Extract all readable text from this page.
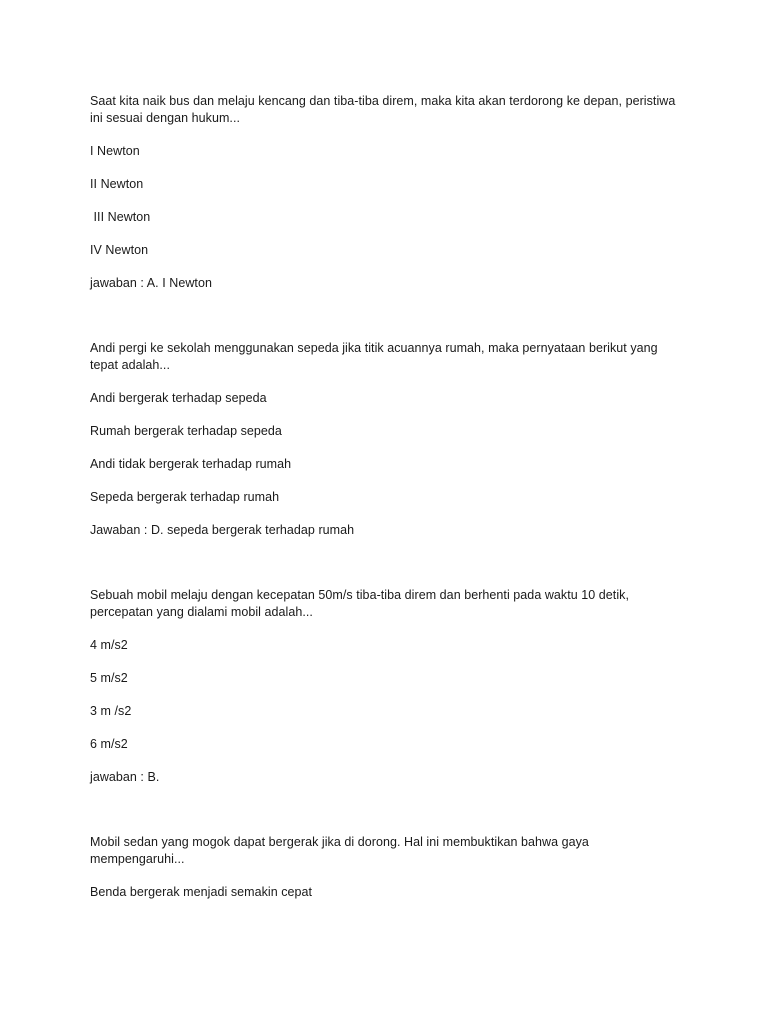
Saat kita naik bus dan melaju kencang dan tiba-tiba direm, maka kita akan terdorong ke depan, peristiwa
ini sesuai dengan hukum...
I Newton
II Newton
III Newton
IV Newton
jawaban : A. I Newton
Andi pergi ke sekolah menggunakan sepeda jika titik acuannya rumah, maka pernyataan berikut yang
tepat adalah...
Andi bergerak terhadap sepeda
Rumah bergerak terhadap sepeda
Andi tidak bergerak terhadap rumah
Sepeda bergerak terhadap rumah
Jawaban : D. sepeda bergerak terhadap rumah
Sebuah mobil melaju dengan kecepatan 50m/s tiba-tiba direm dan berhenti pada waktu 10 detik,
percepatan yang dialami mobil adalah...
4 m/s2
5 m/s2
3 m /s2
6 m/s2
jawaban : B.
Mobil sedan yang mogok dapat bergerak jika di dorong. Hal ini membuktikan bahwa gaya
mempengaruhi...
Benda bergerak menjadi semakin cepat
